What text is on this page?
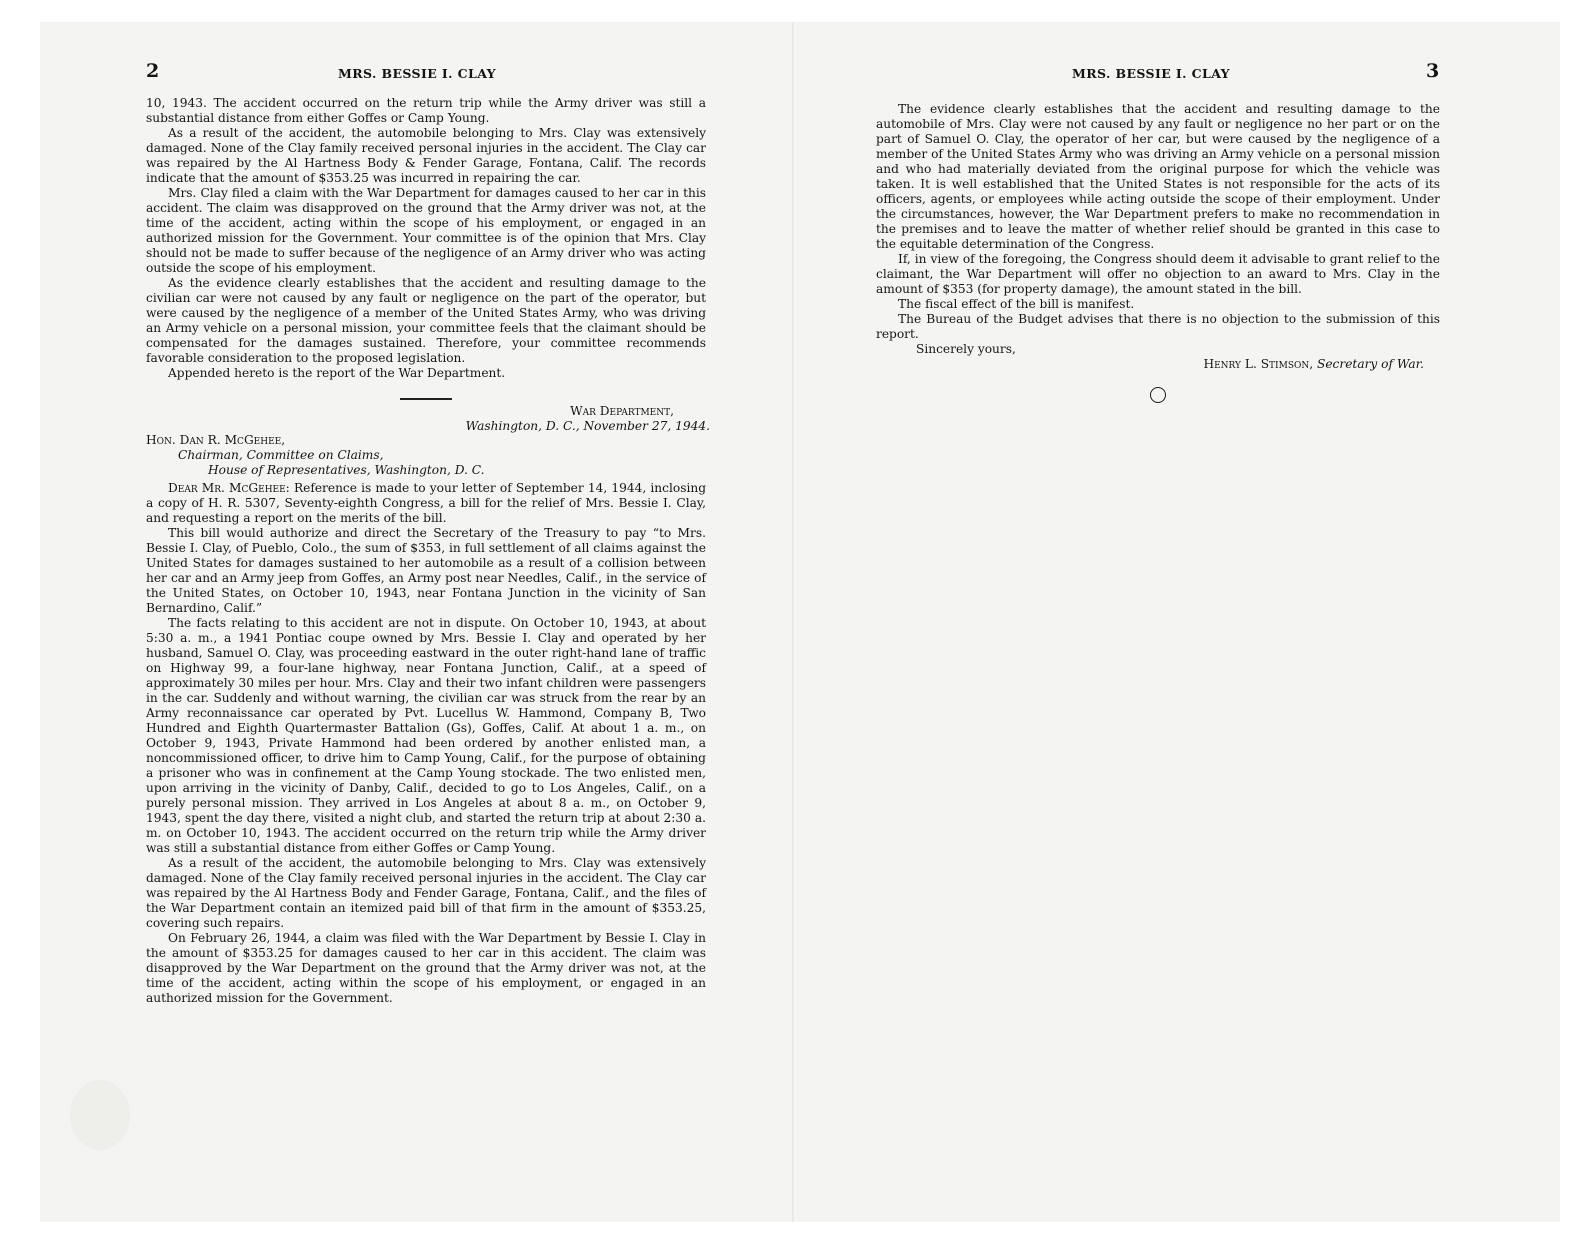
2	MRS. BESSIE I. CLAY

10, 1943. The accident occurred on the return trip while the Army driver was still a substantial distance from either Goffes or Camp Young.

As a result of the accident, the automobile belonging to Mrs. Clay was extensively damaged. None of the Clay family received personal injuries in the accident. The Clay car was repaired by the Al Hartness Body & Fender Garage, Fontana, Calif. The records indicate that the amount of $353.25 was incurred in repairing the car.

Mrs. Clay filed a claim with the War Department for damages caused to her car in this accident. The claim was disapproved on the ground that the Army driver was not, at the time of the accident, acting within the scope of his employment, or engaged in an authorized mission for the Government. Your committee is of the opinion that Mrs. Clay should not be made to suffer because of the negligence of an Army driver who was acting outside the scope of his employment.

As the evidence clearly establishes that the accident and resulting damage to the civilian car were not caused by any fault or negligence on the part of the operator, but were caused by the negligence of a member of the United States Army, who was driving an Army vehicle on a personal mission, your committee feels that the claimant should be compensated for the damages sustained. Therefore, your committee recommends favorable consideration to the proposed legislation.

Appended hereto is the report of the War Department.

War Department,

Washington, D. C., November 27, 1944.

Hon. Dan R. McGehee,

Chairman, Committee on Claims,

House of Representatives, Washington, D. C.

Dear Mr. McGehee: Reference is made to your letter of September 14, 1944, inclosing a copy of H. R. 5307, Seventy-eighth Congress, a bill for the relief of Mrs. Bessie I. Clay, and requesting a report on the merits of the bill.

This bill would authorize and direct the Secretary of the Treasury to pay “to Mrs. Bessie I. Clay, of Pueblo, Colo., the sum of $353, in full settlement of all claims against the United States for damages sustained to her automobile as a result of a collision between her car and an Army jeep from Goffes, an Army post near Needles, Calif., in the service of the United States, on October 10, 1943, near Fontana Junction in the vicinity of San Bernardino, Calif.”

The facts relating to this accident are not in dispute. On October 10, 1943, at about 5:30 a. m., a 1941 Pontiac coupe owned by Mrs. Bessie I. Clay and operated by her husband, Samuel O. Clay, was proceeding eastward in the outer right-hand lane of traffic on Highway 99, a four-lane highway, near Fontana Junction, Calif., at a speed of approximately 30 miles per hour. Mrs. Clay and their two infant children were passengers in the car. Suddenly and without warning, the civilian car was struck from the rear by an Army reconnaissance car operated by Pvt. Lucellus W. Hammond, Company B, Two Hundred and Eighth Quartermaster Battalion (Gs), Goffes, Calif. At about 1 a. m., on October 9, 1943, Private Hammond had been ordered by another enlisted man, a noncommissioned officer, to drive him to Camp Young, Calif., for the purpose of obtaining a prisoner who was in confinement at the Camp Young stockade. The two enlisted men, upon arriving in the vicinity of Danby, Calif., decided to go to Los Angeles, Calif., on a purely personal mission. They arrived in Los Angeles at about 8 a. m., on October 9, 1943, spent the day there, visited a night club, and started the return trip at about 2:30 a. m. on October 10, 1943. The accident occurred on the return trip while the Army driver was still a substantial distance from either Goffes or Camp Young.

As a result of the accident, the automobile belonging to Mrs. Clay was extensively damaged. None of the Clay family received personal injuries in the accident. The Clay car was repaired by the Al Hartness Body and Fender Garage, Fontana, Calif., and the files of the War Department contain an itemized paid bill of that firm in the amount of $353.25, covering such repairs.

On February 26, 1944, a claim was filed with the War Department by Bessie I. Clay in the amount of $353.25 for damages caused to her car in this accident. The claim was disapproved by the War Department on the ground that the Army driver was not, at the time of the accident, acting within the scope of his employment, or engaged in an authorized mission for the Government.

MRS. BESSIE I. CLAY	3

The evidence clearly establishes that the accident and resulting damage to the automobile of Mrs. Clay were not caused by any fault or negligence no her part or on the part of Samuel O. Clay, the operator of her car, but were caused by the negligence of a member of the United States Army who was driving an Army vehicle on a personal mission and who had materially deviated from the original purpose for which the vehicle was taken. It is well established that the United States is not responsible for the acts of its officers, agents, or employees while acting outside the scope of their employment. Under the circumstances, however, the War Department prefers to make no recommendation in the premises and to leave the matter of whether relief should be granted in this case to the equitable determination of the Congress.

If, in view of the foregoing, the Congress should deem it advisable to grant relief to the claimant, the War Department will offer no objection to an award to Mrs. Clay in the amount of $353 (for property damage), the amount stated in the bill.

The fiscal effect of the bill is manifest.

The Bureau of the Budget advises that there is no objection to the submission of this report.

Sincerely yours,

Henry L. Stimson, Secretary of War.
